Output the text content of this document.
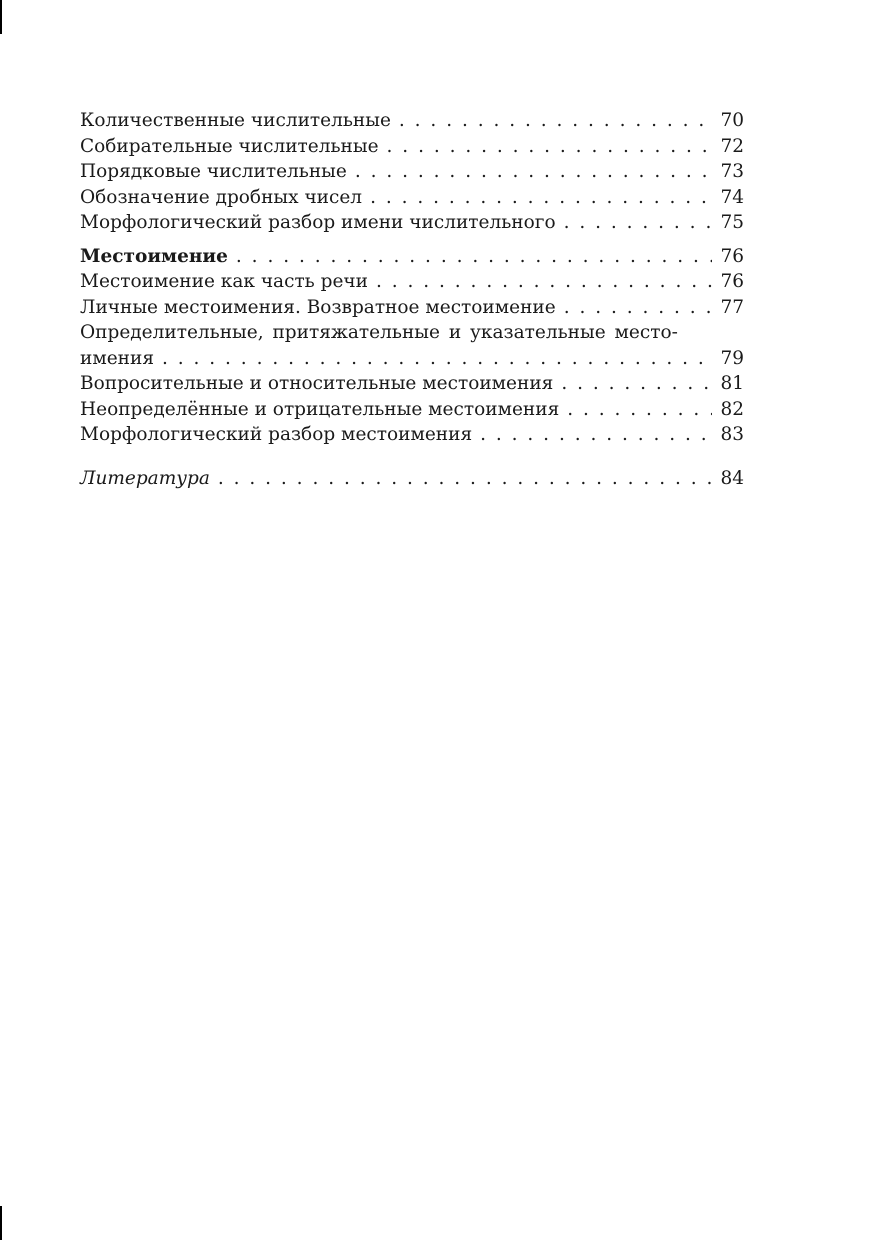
Количественные числительные . . .	70
Собирательные числительные . . .	72
Порядковые числительные . . .	73
Обозначение дробных чисел . . .	74
Морфологический разбор имени числительного . . .	75
Местоимение . . .	76
Местоимение как часть речи . . .	76
Личные местоимения. Возвратное местоимение . . .	77
Определительные, притяжательные и указательные место-
имения . . .	79
Вопросительные и относительные местоимения . . .	81
Неопределённые и отрицательные местоимения . . .	82
Морфологический разбор местоимения . . .	83
Литература . . .	84
